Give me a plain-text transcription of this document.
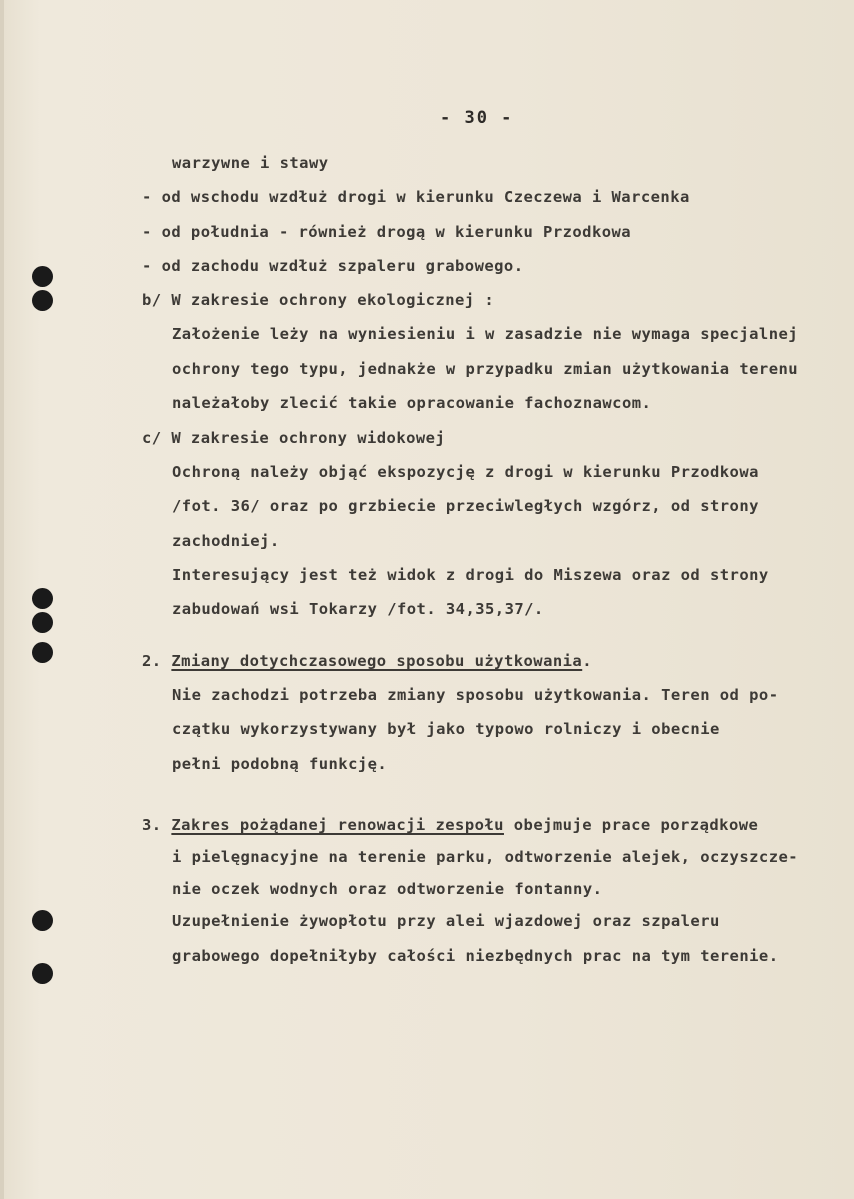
- 30 -
warzywne i stawy
- od wschodu wzdłuż drogi w kierunku Czeczewa i Warcenka
- od południa - również drogą w kierunku Przodkowa
- od zachodu wzdłuż szpaleru grabowego.
b/ W zakresie ochrony ekologicznej :
Założenie leży na wyniesieniu i w zasadzie nie wymaga specjalnej
ochrony tego typu, jednakże w przypadku zmian użytkowania terenu
należałoby zlecić takie opracowanie fachoznawcom.
c/ W zakresie ochrony widokowej
Ochroną należy objąć ekspozycję z drogi w kierunku Przodkowa
/fot. 36/ oraz po grzbiecie przeciwległych wzgórz, od strony
zachodniej.
Interesujący jest też widok z drogi do Miszewa oraz od strony
zabudowań wsi Tokarzy /fot. 34,35,37/.
2. Zmiany dotychczasowego sposobu użytkowania.
Nie zachodzi potrzeba zmiany sposobu użytkowania. Teren od po-
czątku wykorzystywany był jako typowo rolniczy i obecnie
pełni podobną funkcję.
3. Zakres pożądanej renowacji zespołu obejmuje prace porządkowe
i pielęgnacyjne na terenie parku, odtworzenie alejek, oczyszcze-
nie oczek wodnych oraz odtworzenie fontanny.
Uzupełnienie żywopłotu przy alei wjazdowej oraz szpaleru
grabowego dopełniłyby całości niezbędnych prac na tym terenie.
